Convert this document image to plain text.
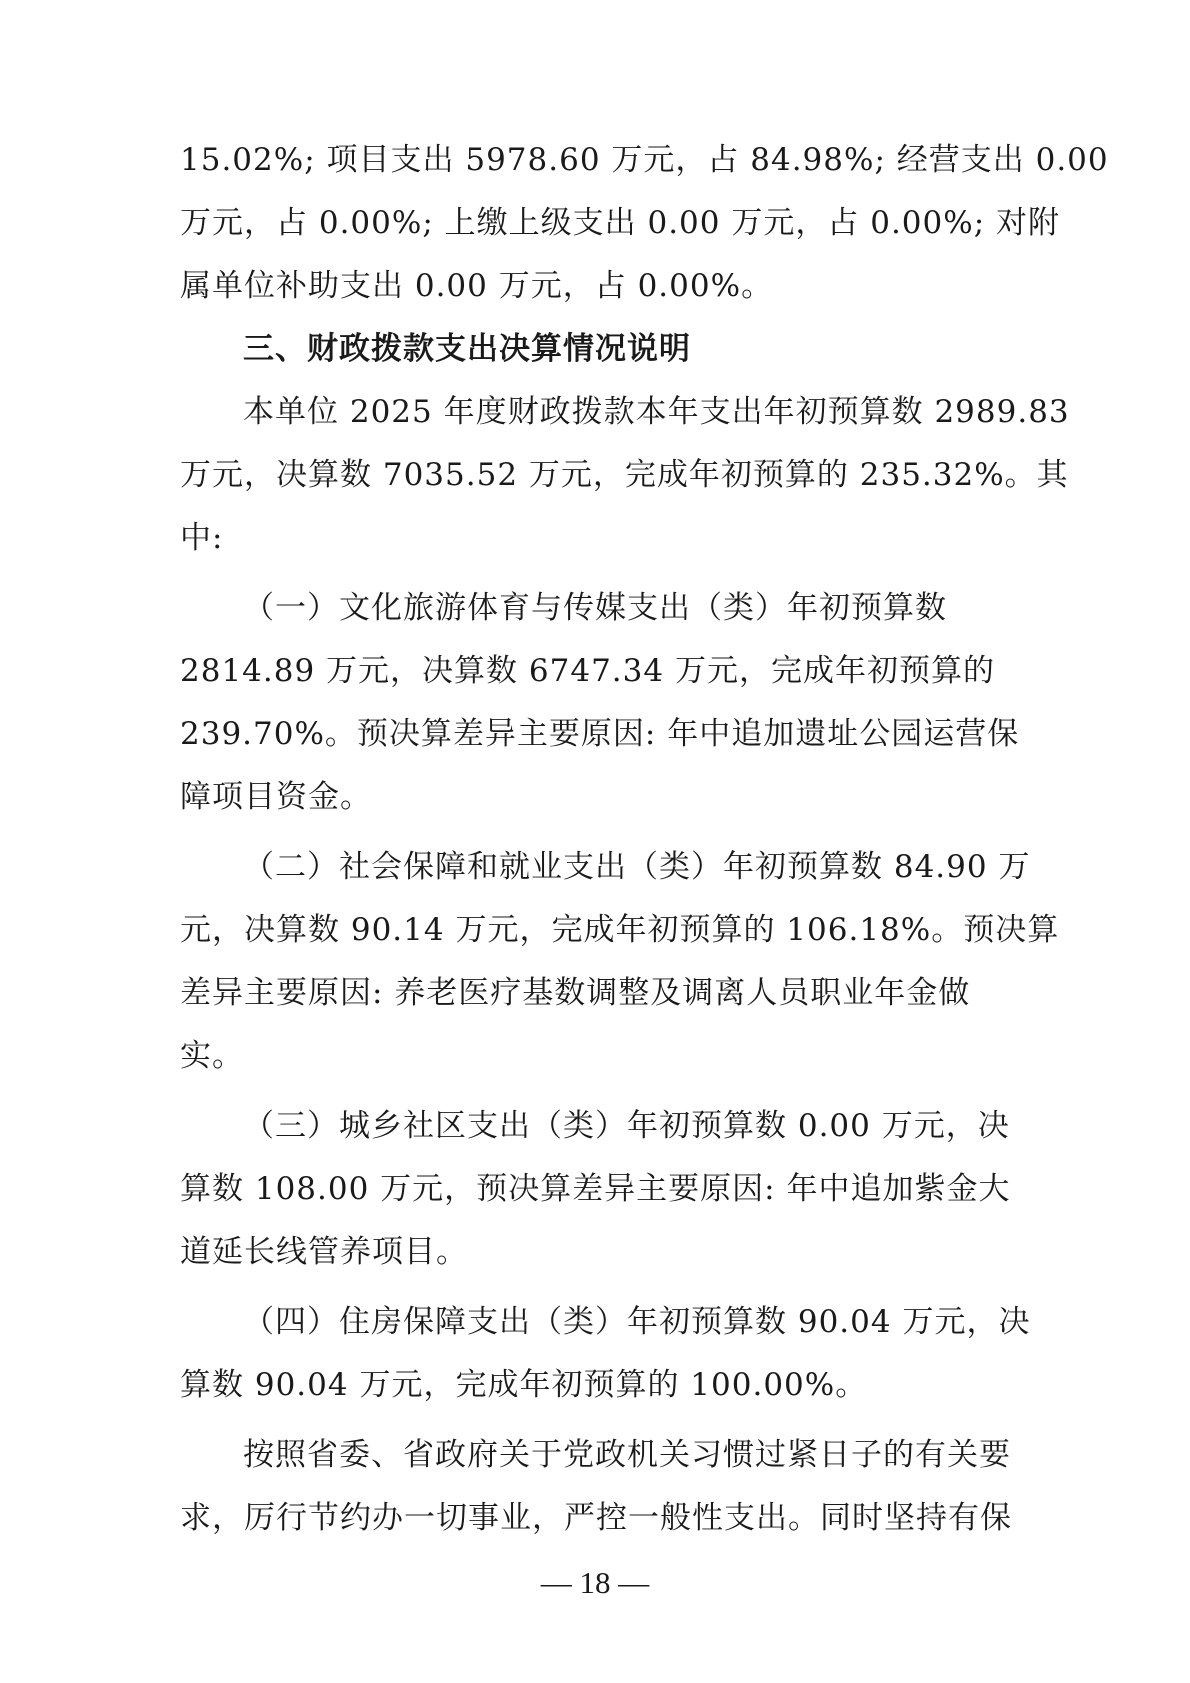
15.02%; 项目支出 5978.60 万元，占 84.98%; 经营支出 0.00

万元，占 0.00%; 上缴上级支出 0.00 万元，占 0.00%; 对附

属单位补助支出 0.00 万元，占 0.00%。

三、财政拨款支出决算情况说明

本单位 2025 年度财政拨款本年支出年初预算数 2989.83

万元，决算数 7035.52 万元，完成年初预算的 235.32%。其

中:

（一）文化旅游体育与传媒支出（类）年初预算数

2814.89 万元，决算数 6747.34 万元，完成年初预算的

239.70%。预决算差异主要原因: 年中追加遗址公园运营保

障项目资金。

（二）社会保障和就业支出（类）年初预算数 84.90 万

元，决算数 90.14 万元，完成年初预算的 106.18%。预决算

差异主要原因: 养老医疗基数调整及调离人员职业年金做

实。

（三）城乡社区支出（类）年初预算数 0.00 万元，决

算数 108.00 万元，预决算差异主要原因: 年中追加紫金大

道延长线管养项目。

（四）住房保障支出（类）年初预算数 90.04 万元，决

算数 90.04 万元，完成年初预算的 100.00%。

按照省委、省政府关于党政机关习惯过紧日子的有关要

求，厉行节约办一切事业，严控一般性支出。同时坚持有保

— 18 —
